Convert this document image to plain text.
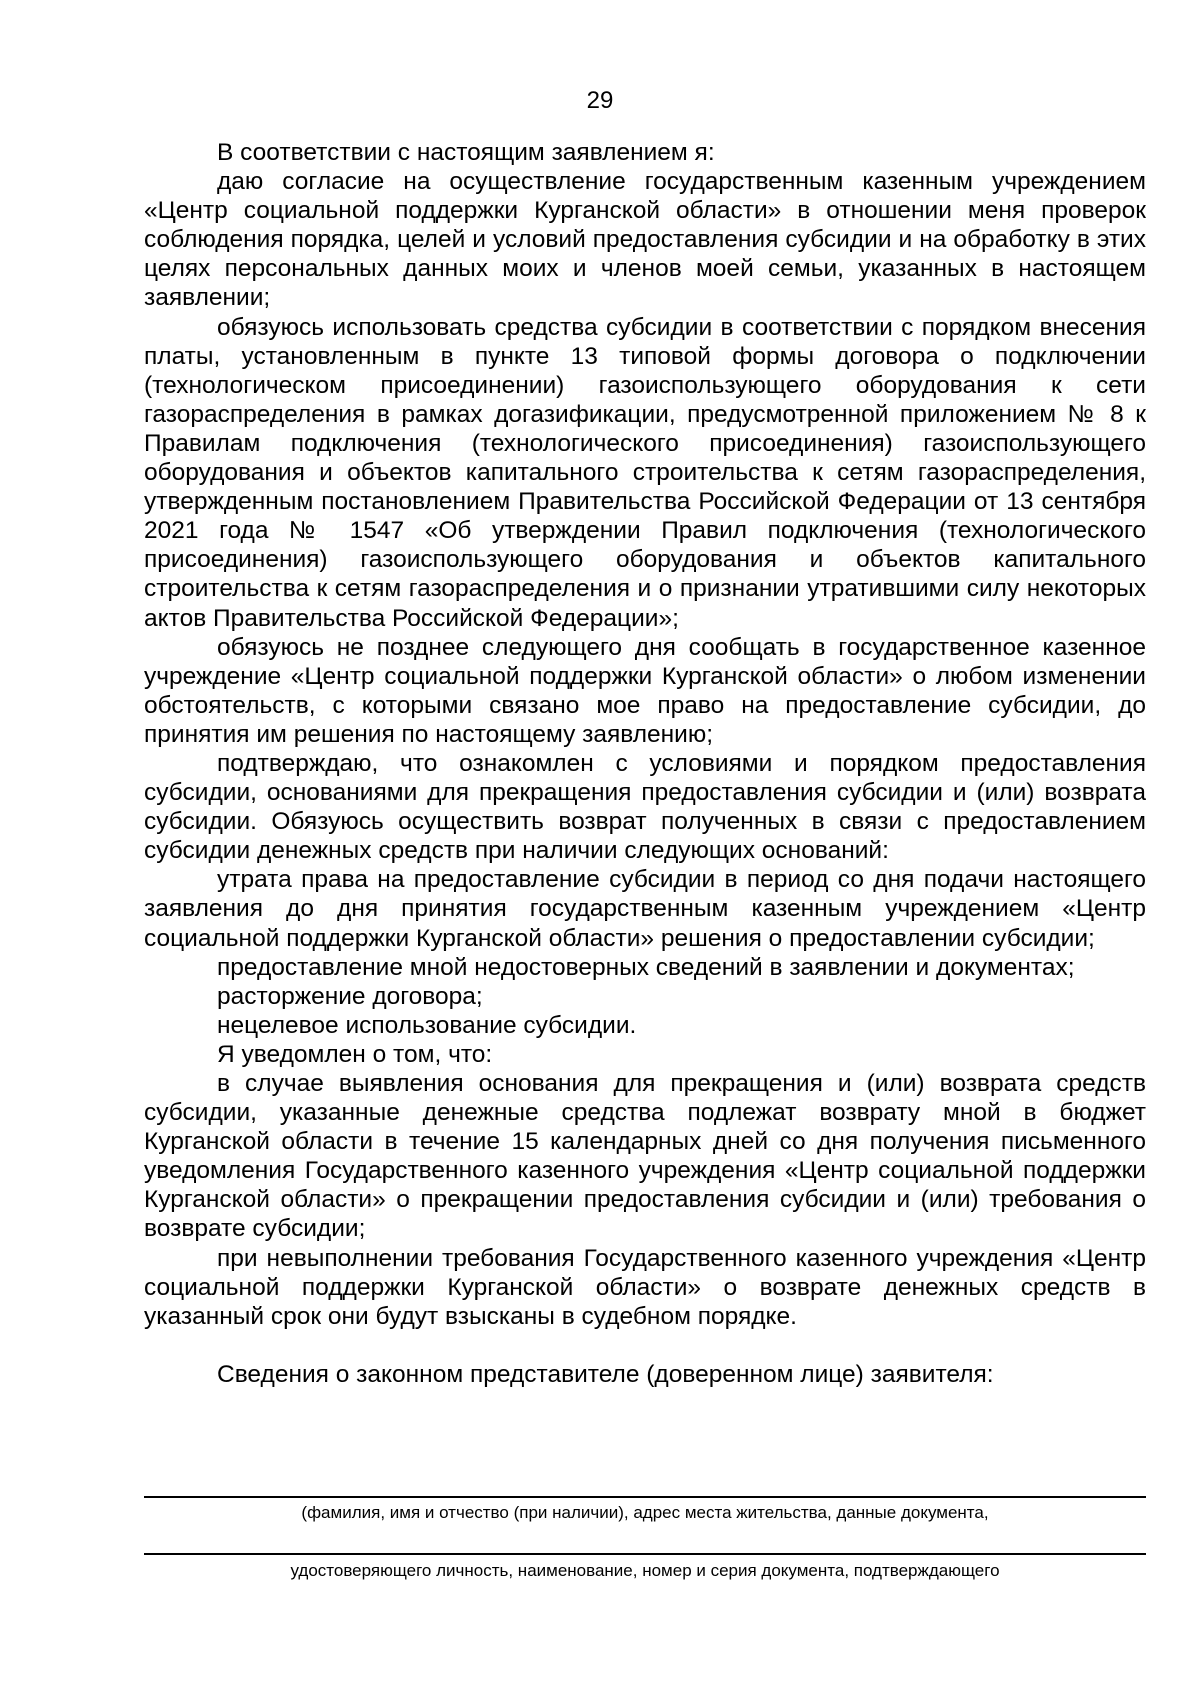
29

В соответствии с настоящим заявлением я:

даю согласие на осуществление государственным казенным учреждением «Центр социальной поддержки Курганской области» в отношении меня проверок соблюдения порядка, целей и условий предоставления субсидии и на обработку в этих целях персональных данных моих и членов моей семьи, указанных в настоящем заявлении;

обязуюсь использовать средства субсидии в соответствии с порядком внесения платы, установленным в пункте 13 типовой формы договора о подключении (технологическом присоединении) газоиспользующего оборудования к сети газораспределения в рамках догазификации, предусмотренной приложением № 8 к Правилам подключения (технологического присоединения) газоиспользующего оборудования и объектов капитального строительства к сетям газораспределения, утвержденным постановлением Правительства Российской Федерации от 13 сентября 2021 года № 1547 «Об утверждении Правил подключения (технологического присоединения) газоиспользующего оборудования и объектов капитального строительства к сетям газораспределения и о признании утратившими силу некоторых актов Правительства Российской Федерации»;

обязуюсь не позднее следующего дня сообщать в государственное казенное учреждение «Центр социальной поддержки Курганской области» о любом изменении обстоятельств, с которыми связано мое право на предоставление субсидии, до принятия им решения по настоящему заявлению;

подтверждаю, что ознакомлен с условиями и порядком предоставления субсидии, основаниями для прекращения предоставления субсидии и (или) возврата субсидии. Обязуюсь осуществить возврат полученных в связи с предоставлением субсидии денежных средств при наличии следующих оснований:

утрата права на предоставление субсидии в период со дня подачи настоящего заявления до дня принятия государственным казенным учреждением «Центр социальной поддержки Курганской области» решения о предоставлении субсидии;

предоставление мной недостоверных сведений в заявлении и документах;

расторжение договора;

нецелевое использование субсидии.

Я уведомлен о том, что:

в случае выявления основания для прекращения и (или) возврата средств субсидии, указанные денежные средства подлежат возврату мной в бюджет Курганской области в течение 15 календарных дней со дня получения письменного уведомления Государственного казенного учреждения «Центр социальной поддержки Курганской области» о прекращении предоставления субсидии и (или) требования о возврате субсидии;

при невыполнении требования Государственного казенного учреждения «Центр социальной поддержки Курганской области» о возврате денежных средств в указанный срок они будут взысканы в судебном порядке.

Сведения о законном представителе (доверенном лице) заявителя:

(фамилия, имя и отчество (при наличии), адрес места жительства, данные документа,
удостоверяющего личность, наименование, номер и серия документа, подтверждающего
